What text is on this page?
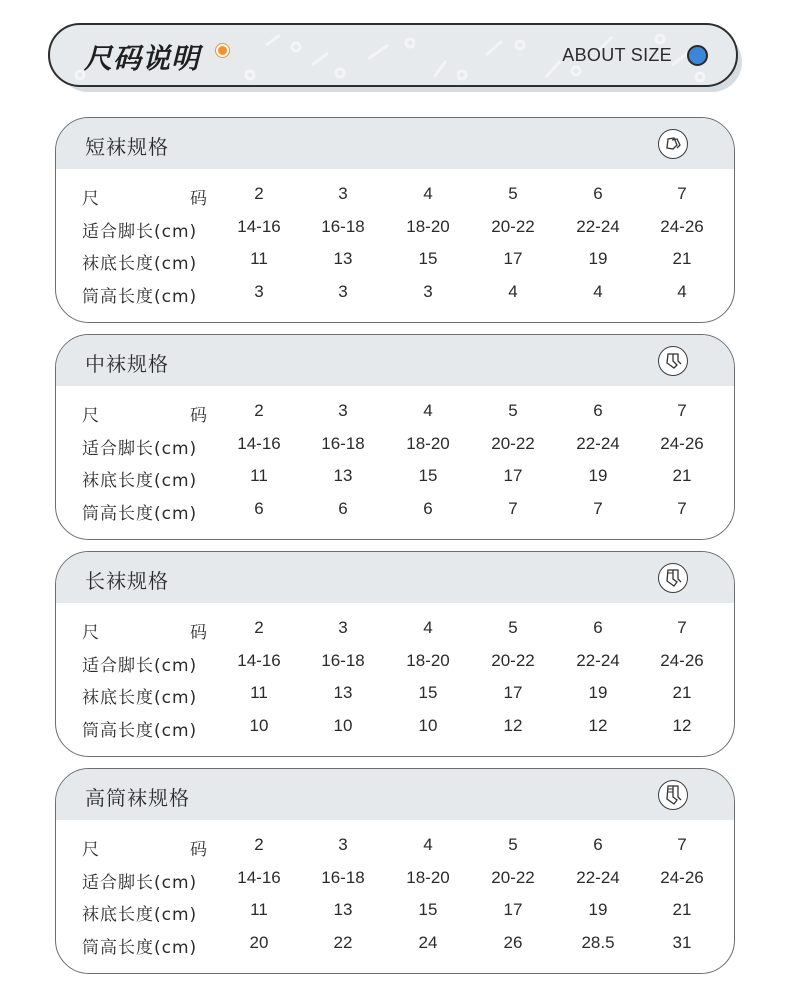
尺码说明	ABOUT SIZE
短袜规格
尺	码	2	3	4	5	6	7
适合脚长(cm)	14-16	16-18	18-20	20-22	22-24	24-26
袜底长度(cm)	11	13	15	17	19	21
筒高长度(cm)	3	3	3	4	4	4
中袜规格
尺	码	2	3	4	5	6	7
适合脚长(cm)	14-16	16-18	18-20	20-22	22-24	24-26
袜底长度(cm)	11	13	15	17	19	21
筒高长度(cm)	6	6	6	7	7	7
长袜规格
尺	码	2	3	4	5	6	7
适合脚长(cm)	14-16	16-18	18-20	20-22	22-24	24-26
袜底长度(cm)	11	13	15	17	19	21
筒高长度(cm)	10	10	10	12	12	12
高筒袜规格
尺	码	2	3	4	5	6	7
适合脚长(cm)	14-16	16-18	18-20	20-22	22-24	24-26
袜底长度(cm)	11	13	15	17	19	21
筒高长度(cm)	20	22	24	26	28.5	31
